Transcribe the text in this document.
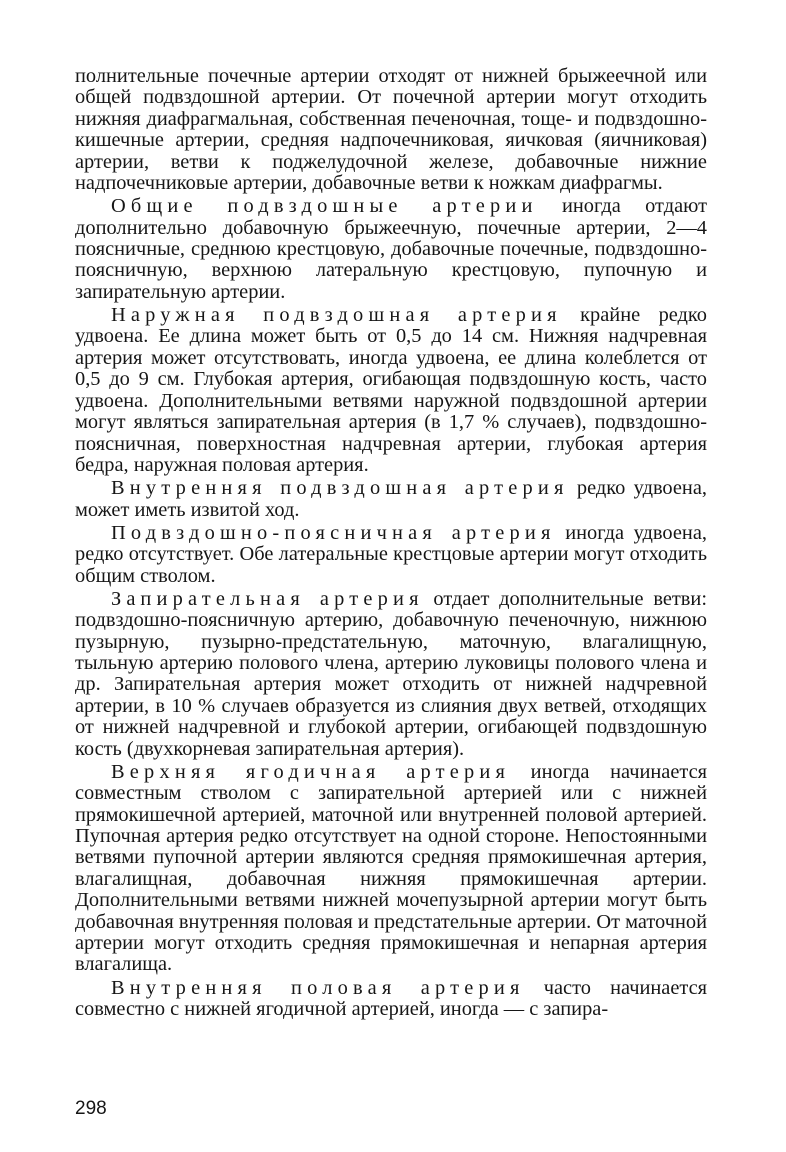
полнительные почечные артерии отходят от нижней брыжеечной или общей подвздошной артерии. От почечной артерии могут отходить нижняя диафрагмальная, собственная печеночная, тоще- и подвздошно-кишечные артерии, средняя надпочечниковая, яичковая (яичниковая) артерии, ветви к поджелудочной железе, добавочные нижние надпочечниковые артерии, добавочные ветви к ножкам диафрагмы.

Общие подвздошные артерии иногда отдают дополнительно добавочную брыжеечную, почечные артерии, 2—4 поясничные, среднюю крестцовую, добавочные почечные, подвздошно-поясничную, верхнюю латеральную крестцовую, пупочную и запирательную артерии.

Наружная подвздошная артерия крайне редко удвоена. Ее длина может быть от 0,5 до 14 см. Нижняя надчревная артерия может отсутствовать, иногда удвоена, ее длина колеблется от 0,5 до 9 см. Глубокая артерия, огибающая подвздошную кость, часто удвоена. Дополнительными ветвями наружной подвздошной артерии могут являться запирательная артерия (в 1,7 % случаев), подвздошно-поясничная, поверхностная надчревная артерии, глубокая артерия бедра, наружная половая артерия.

Внутренняя подвздошная артерия редко удвоена, может иметь извитой ход.

Подвздошно-поясничная артерия иногда удвоена, редко отсутствует. Обе латеральные крестцовые артерии могут отходить общим стволом.

Запирательная артерия отдает дополнительные ветви: подвздошно-поясничную артерию, добавочную печеночную, нижнюю пузырную, пузырно-предстательную, маточную, влагалищную, тыльную артерию полового члена, артерию луковицы полового члена и др. Запирательная артерия может отходить от нижней надчревной артерии, в 10 % случаев образуется из слияния двух ветвей, отходящих от нижней надчревной и глубокой артерии, огибающей подвздошную кость (двухкорневая запирательная артерия).

Верхняя ягодичная артерия иногда начинается совместным стволом с запирательной артерией или с нижней прямокишечной артерией, маточной или внутренней половой артерией. Пупочная артерия редко отсутствует на одной стороне. Непостоянными ветвями пупочной артерии являются средняя прямокишечная артерия, влагалищная, добавочная нижняя прямокишечная артерии. Дополнительными ветвями нижней мочепузырной артерии могут быть добавочная внутренняя половая и предстательные артерии. От маточной артерии могут отходить средняя прямокишечная и непарная артерия влагалища.

Внутренняя половая артерия часто начинается совместно с нижней ягодичной артерией, иногда — с запира-

298
